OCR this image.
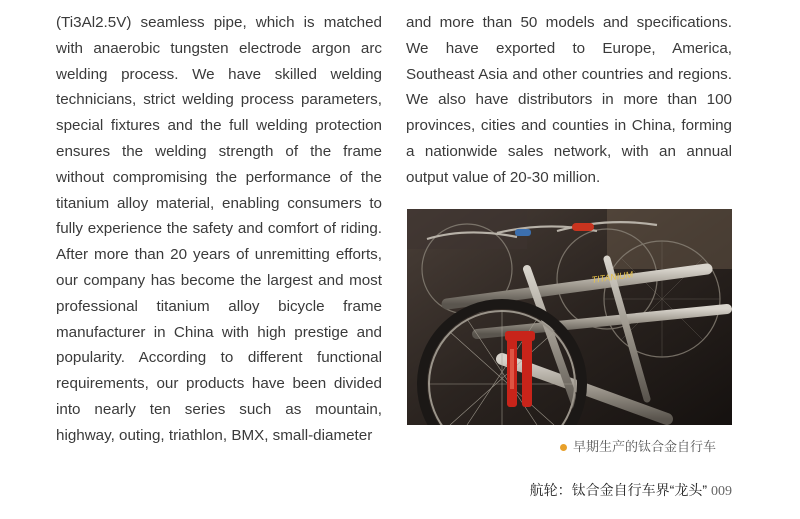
(Ti3Al2.5V) seamless pipe, which is matched with anaerobic tungsten electrode argon arc welding process. We have skilled welding technicians, strict welding process parameters, special fixtures and the full welding protection ensures the welding strength of the frame without compromising the performance of the titanium alloy material, enabling consumers to fully experience the safety and comfort of riding. After more than 20 years of unremitting efforts, our company has become the largest and most professional titanium alloy bicycle frame manufacturer in China with high prestige and popularity. According to different functional requirements, our products have been divided into nearly ten series such as mountain, highway, outing, triathlon, BMX, small-diameter

and more than 50 models and specifications. We have exported to Europe, America, Southeast Asia and other countries and regions. We also have distributors in more than 100 provinces, cities and counties in China, forming a nationwide sales network, with an annual output value of 20-30 million.

TITANIUM
早期生产的钛合金自行车
航轮：钛合金自行车界“龙头” 009
